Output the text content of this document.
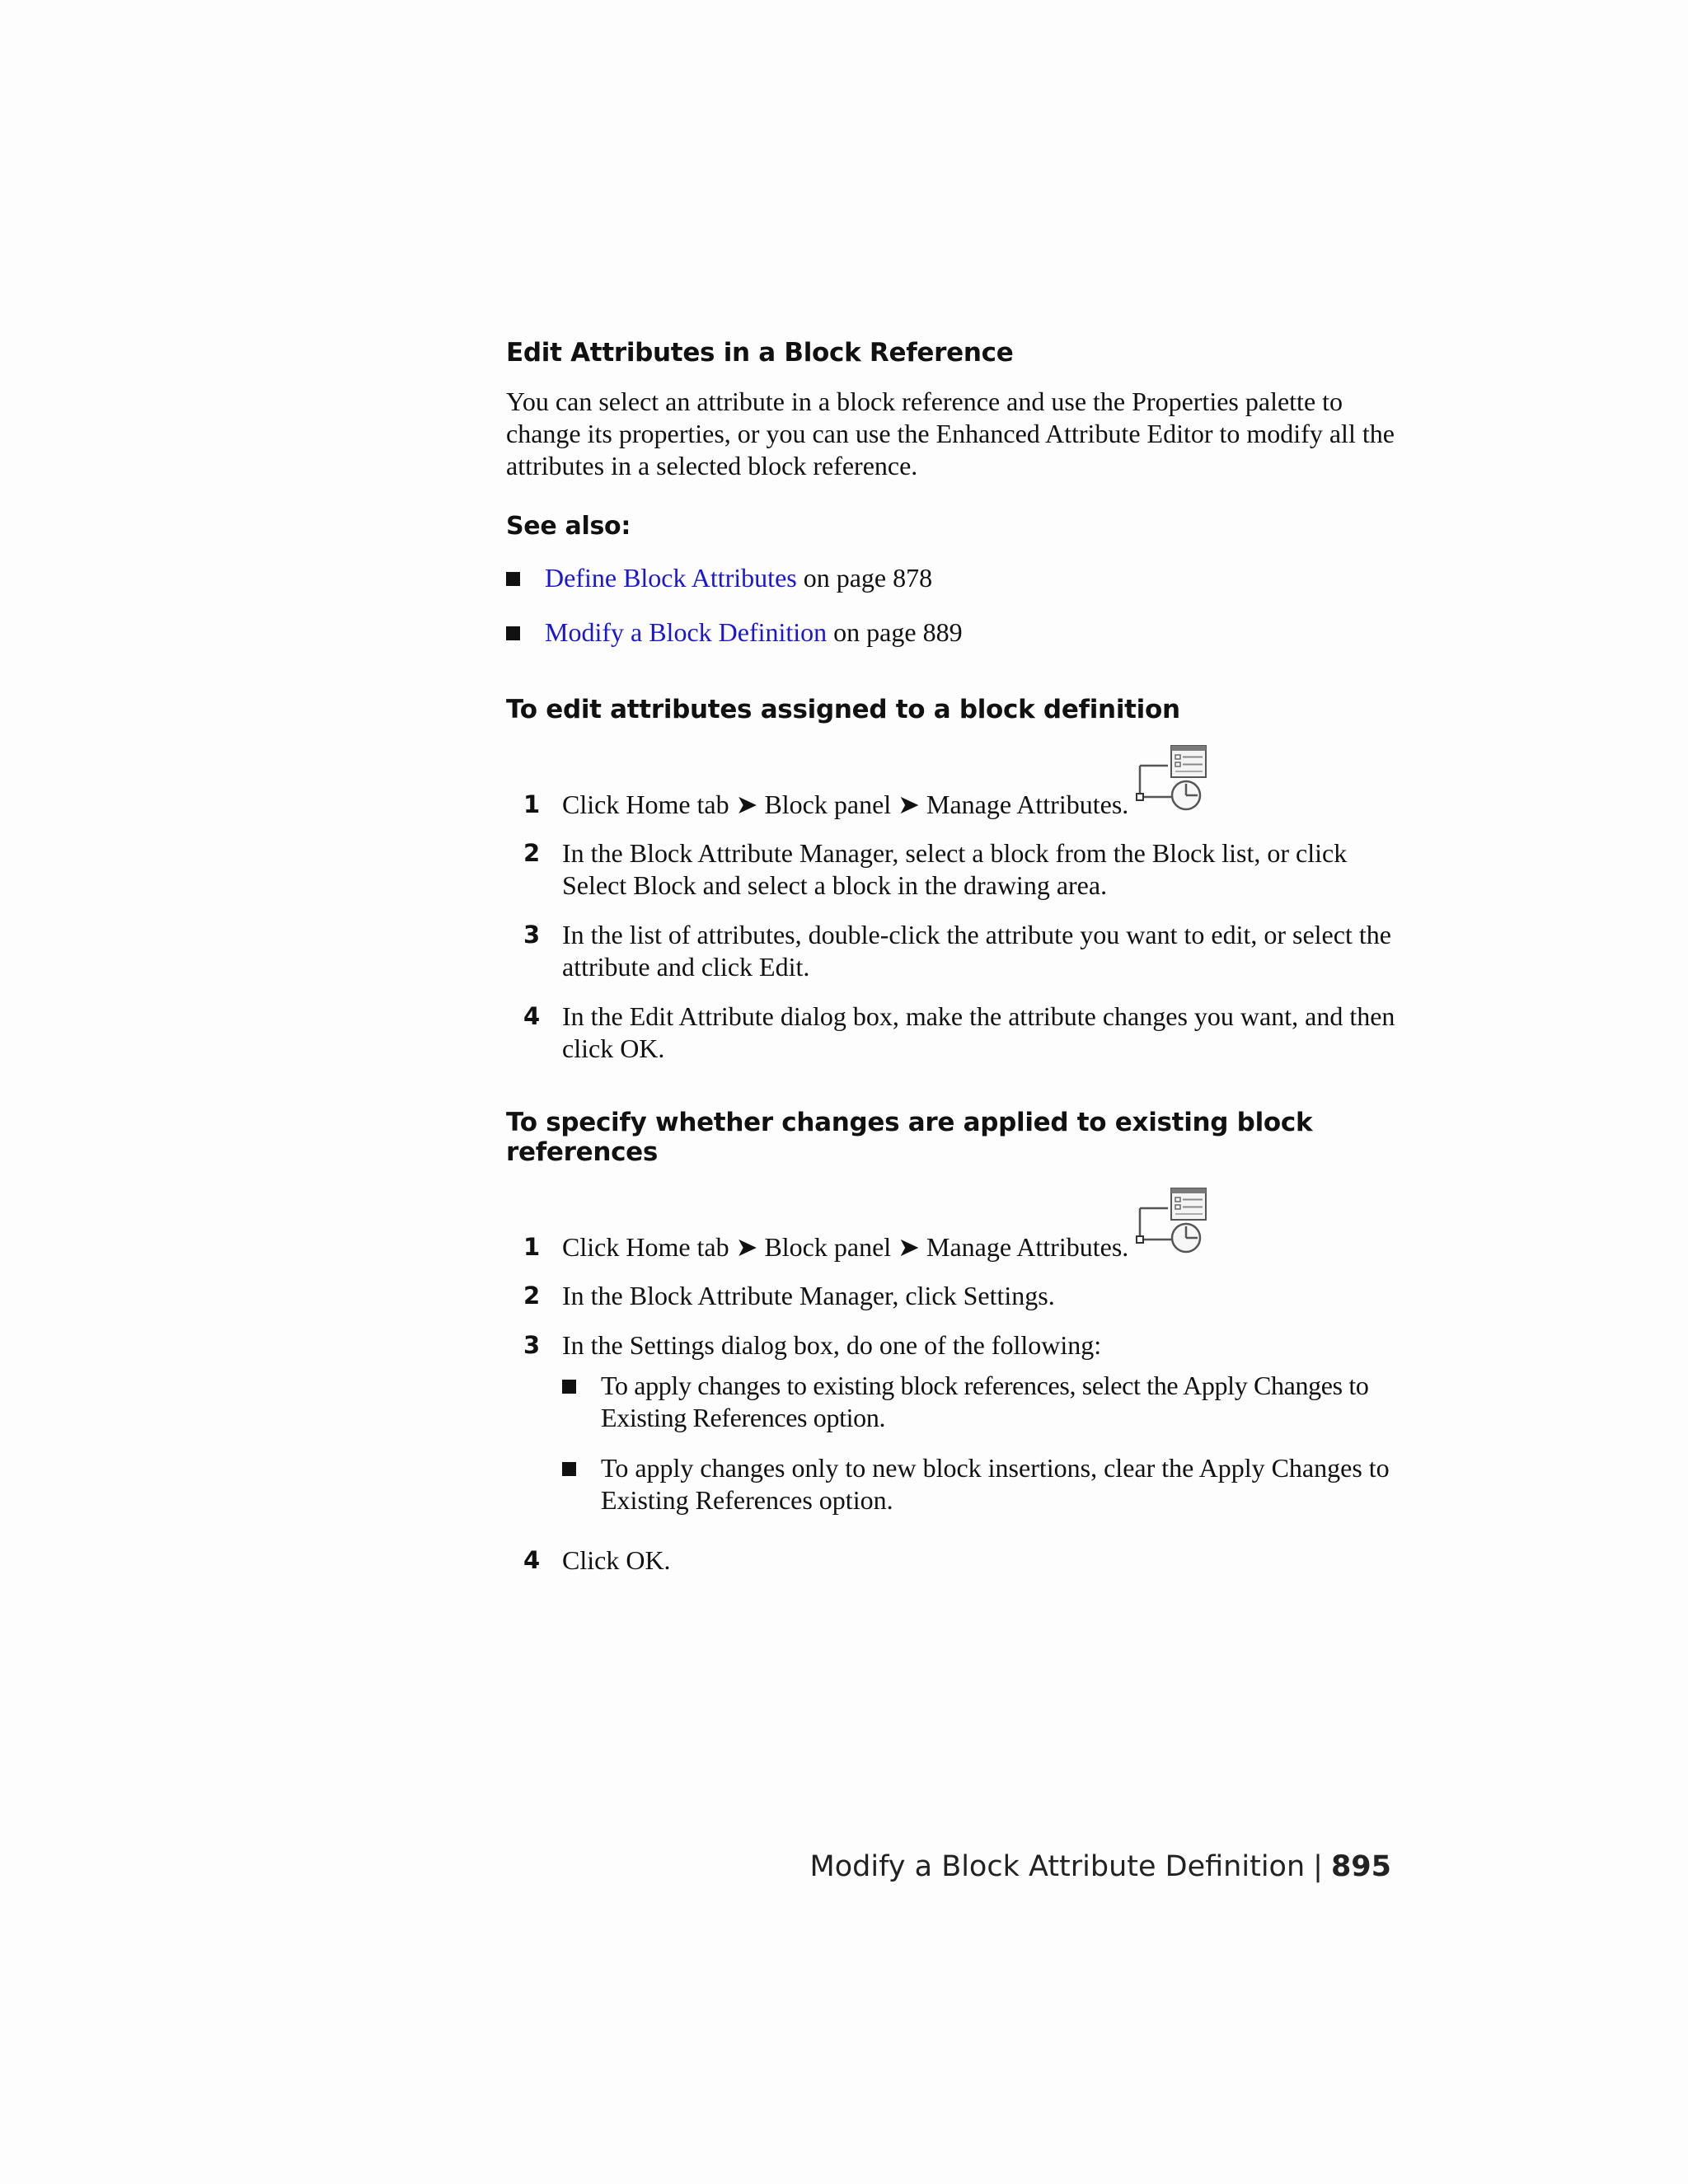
Edit Attributes in a Block Reference

You can select an attribute in a block reference and use the Properties palette to change its properties, or you can use the Enhanced Attribute Editor to modify all the attributes in a selected block reference.

See also:
Define Block Attributes on page 878
Modify a Block Definition on page 889
To edit attributes assigned to a block definition
1 Click Home tab ➤ Block panel ➤ Manage Attributes.
2 In the Block Attribute Manager, select a block from the Block list, or click Select Block and select a block in the drawing area.
3 In the list of attributes, double-click the attribute you want to edit, or select the attribute and click Edit.
4 In the Edit Attribute dialog box, make the attribute changes you want, and then click OK.
To specify whether changes are applied to existing block references
1 Click Home tab ➤ Block panel ➤ Manage Attributes.
2 In the Block Attribute Manager, click Settings.
3 In the Settings dialog box, do one of the following:
To apply changes to existing block references, select the Apply Changes to Existing References option.
To apply changes only to new block insertions, clear the Apply Changes to Existing References option.
4 Click OK.
Modify a Block Attribute Definition | 895
